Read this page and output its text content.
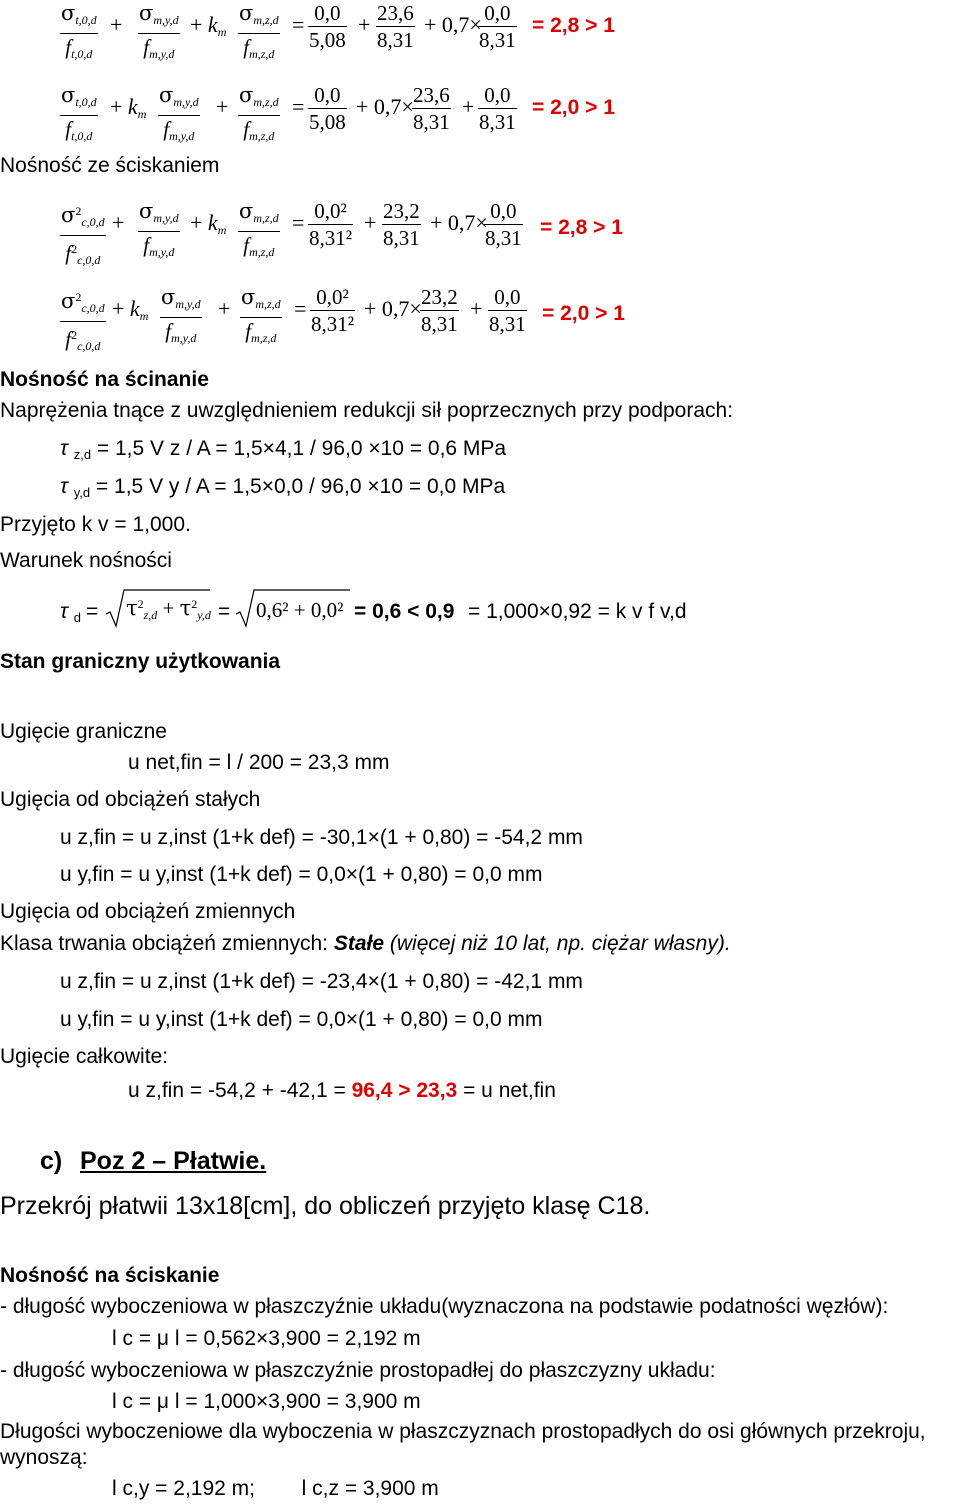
$\sigma_{t,0,d}$
$f_{t,0,d}$
+ $\sigma_{m,y,d}$
$f_{m,y,d}$
+ $k_m$
$\sigma_{m,z,d}$
$f_{m,z,d}$
= 0,0
5,08
+ 23,6
8,31
+ 0,7× 0,0
8,31
= 2,8 > 1
$\sigma_{t,0,d}$
$f_{t,0,d}$
+ $k_m$
$\sigma_{m,y,d}$
$f_{m,y,d}$
+ $\sigma_{m,z,d}$
$f_{m,z,d}$
= 0,0
5,08
+ 0,7× 23,6
8,31
+ 0,0
8,31
= 2,0 > 1
Nośność ze ściskaniem
$\sigma^2_{c,0,d}$
$f^2_{c,0,d}$
+ $\sigma_{m,y,d}$
$f_{m,y,d}$
+ $k_m$
$\sigma_{m,z,d}$
$f_{m,z,d}$
= 0,0²
8,31²
+ 23,2
8,31
+ 0,7× 0,0
8,31 = 2,8 > 1
$\sigma^2_{c,0,d}$
$f^2_{c,0,d}$
+ $k_m$
$\sigma_{m,y,d}$
$f_{m,y,d}$
+ $\sigma_{m,z,d}$
$f_{m,z,d}$
= 0,0²
8,31²
+ 0,7× 23,2
8,31
+ 0,0
8,31 = 2,0 > 1
Nośność na ścinanie
Naprężenia tnące z uwzględnieniem redukcji sił poprzecznych przy podporach:
τ z,d = 1,5 V z / A = 1,5×4,1 / 96,0 ×10 = 0,6 MPa
τ y,d = 1,5 V y / A = 1,5×0,0 / 96,0 ×10 = 0,0 MPa
Przyjęto k v = 1,000.
Warunek nośności
τ $d = \tau^2_{z,d} + \tau^2_{y,d} = 0,6^2 + 0,0^2 = 0,6 < 0,9 = 1,000\times 0,92 = k$ v f v,d
Stan graniczny użytkowania
Ugięcie graniczne
u net,fin = l / 200 = 23,3 mm
Ugięcia od obciążeń stałych
u z,fin = u z,inst (1+k def) = -30,1×(1 + 0,80) = -54,2 mm
u y,fin = u y,inst (1+k def) = 0,0×(1 + 0,80) = 0,0 mm
Ugięcia od obciążeń zmiennych
Klasa trwania obciążeń zmiennych: Stałe (więcej niż 10 lat, np. ciężar własny).
u z,fin = u z,inst (1+k def) = -23,4×(1 + 0,80) = -42,1 mm
u y,fin = u y,inst (1+k def) = 0,0×(1 + 0,80) = 0,0 mm
Ugięcie całkowite:
u z,fin = -54,2 + -42,1 = 96,4 > 23,3 = u net,fin
c) Poz 2 – Płatwie.
Przekrój płatwii 13x18[cm], do obliczeń przyjęto klasę C18.
Nośność na ściskanie
- długość wyboczeniowa w płaszczyźnie układu(wyznaczona na podstawie podatności węzłów):
l c = μ l = 0,562×3,900 = 2,192 m
- długość wyboczeniowa w płaszczyźnie prostopadłej do płaszczyzny układu:
l c = μ l = 1,000×3,900 = 3,900 m
Długości wyboczeniowe dla wyboczenia w płaszczyznach prostopadłych do osi głównych przekroju,
wynoszą:
l c,y = 2,192 m;        l c,z = 3,900 m
